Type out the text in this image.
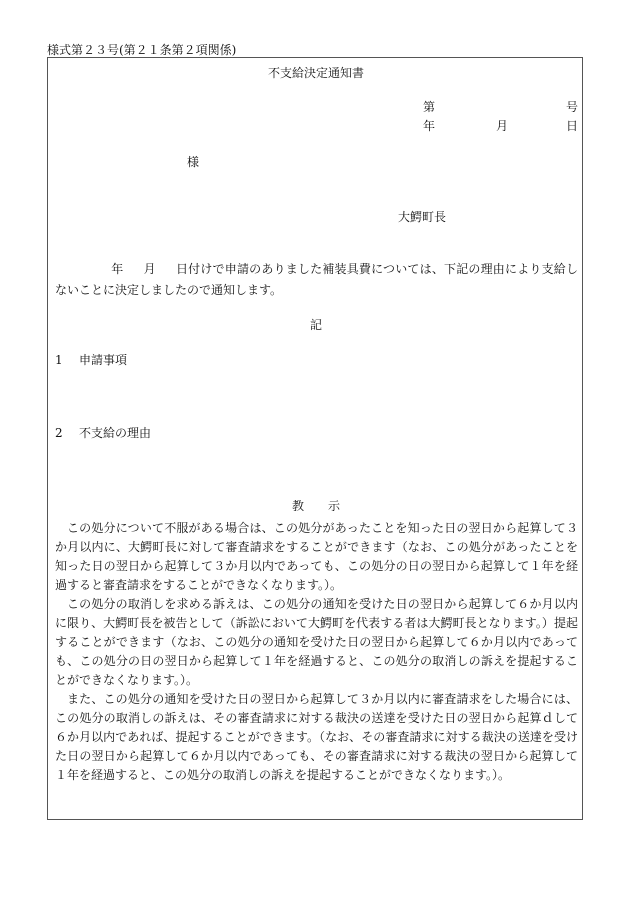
様式第２３号(第２１条第２項関係)
不支給決定通知書
第	号
年	月	日
様
大鰐町長
年 月 日付けで申請のありました補装具費については、下記の理由により支給しないことに決定しましたので通知します。
記
1 申請事項
2 不支給の理由
教 示

この処分について不服がある場合は、この処分があったことを知った日の翌日から起算して３か月以内に、大鰐町長に対して審査請求をすることができます（なお、この処分があったことを知った日の翌日から起算して３か月以内であっても、この処分の日の翌日から起算して１年を経過すると審査請求をすることができなくなります。）。

この処分の取消しを求める訴えは、この処分の通知を受けた日の翌日から起算して６か月以内に限り、大鰐町長を被告として（訴訟において大鰐町を代表する者は大鰐町長となります。）提起することができます（なお、この処分の通知を受けた日の翌日から起算して６か月以内であっても、この処分の日の翌日から起算して１年を経過すると、この処分の取消しの訴えを提起することができなくなります。）。

また、この処分の通知を受けた日の翌日から起算して３か月以内に審査請求をした場合には、この処分の取消しの訴えは、その審査請求に対する裁決の送達を受けた日の翌日から起算ｄして６か月以内であれば、提起することができます。（なお、その審査請求に対する裁決の送達を受けた日の翌日から起算して６か月以内であっても、その審査請求に対する裁決の翌日から起算して１年を経過すると、この処分の取消しの訴えを提起することができなくなります。）。
